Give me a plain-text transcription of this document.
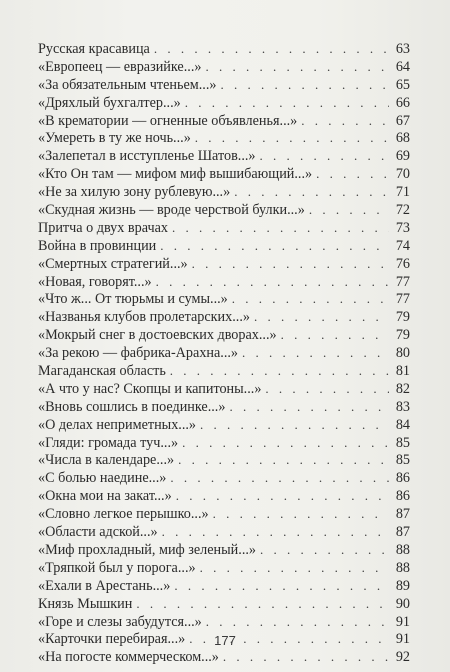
Русская красавица . . .	63
«Европеец — евразийке...» . . .	64
«За обязательным чтеньем...» . . .	65
«Дряхлый бухгалтер...» . . .	66
«В крематории — огненные объявленья...» . . .	67
«Умереть в ту же ночь...» . . .	68
«Залепетал в исступленье Шатов...» . . .	69
«Кто Он там — мифом миф вышибающий...» . . .	70
«Не за хилую зону рублевую...» . . .	71
«Скудная жизнь — вроде черствой булки...» . . .	72
Притча о двух врачах . . .	73
Война в провинции . . .	74
«Смертных стратегий...» . . .	76
«Новая, говорят...» . . .	77
«Что ж... От тюрьмы и сумы...» . . .	77
«Названья клубов пролетарских...» . . .	79
«Мокрый снег в достоевских дворах...» . . .	79
«За рекою — фабрика-Арахна...» . . .	80
Магаданская область . . .	81
«А что у нас? Скопцы и капитоны...» . . .	82
«Вновь сошлись в поединке...» . . .	83
«О делах неприметных...» . . .	84
«Гляди: громада туч...» . . .	85
«Числа в календаре...» . . .	85
«С болью наедине...» . . .	86
«Окна мои на закат...» . . .	86
«Словно легкое перышко...» . . .	87
«Области адской...» . . .	87
«Миф прохладный, миф зеленый...» . . .	88
«Тряпкой был у порога...» . . .	88
«Ехали в Арестань...» . . .	89
Князь Мышкин . . .	90
«Горе и слезы забудутся...» . . .	91
«Карточки перебирая...» . . .	91
«На погосте коммерческом...» . . .	92
177
